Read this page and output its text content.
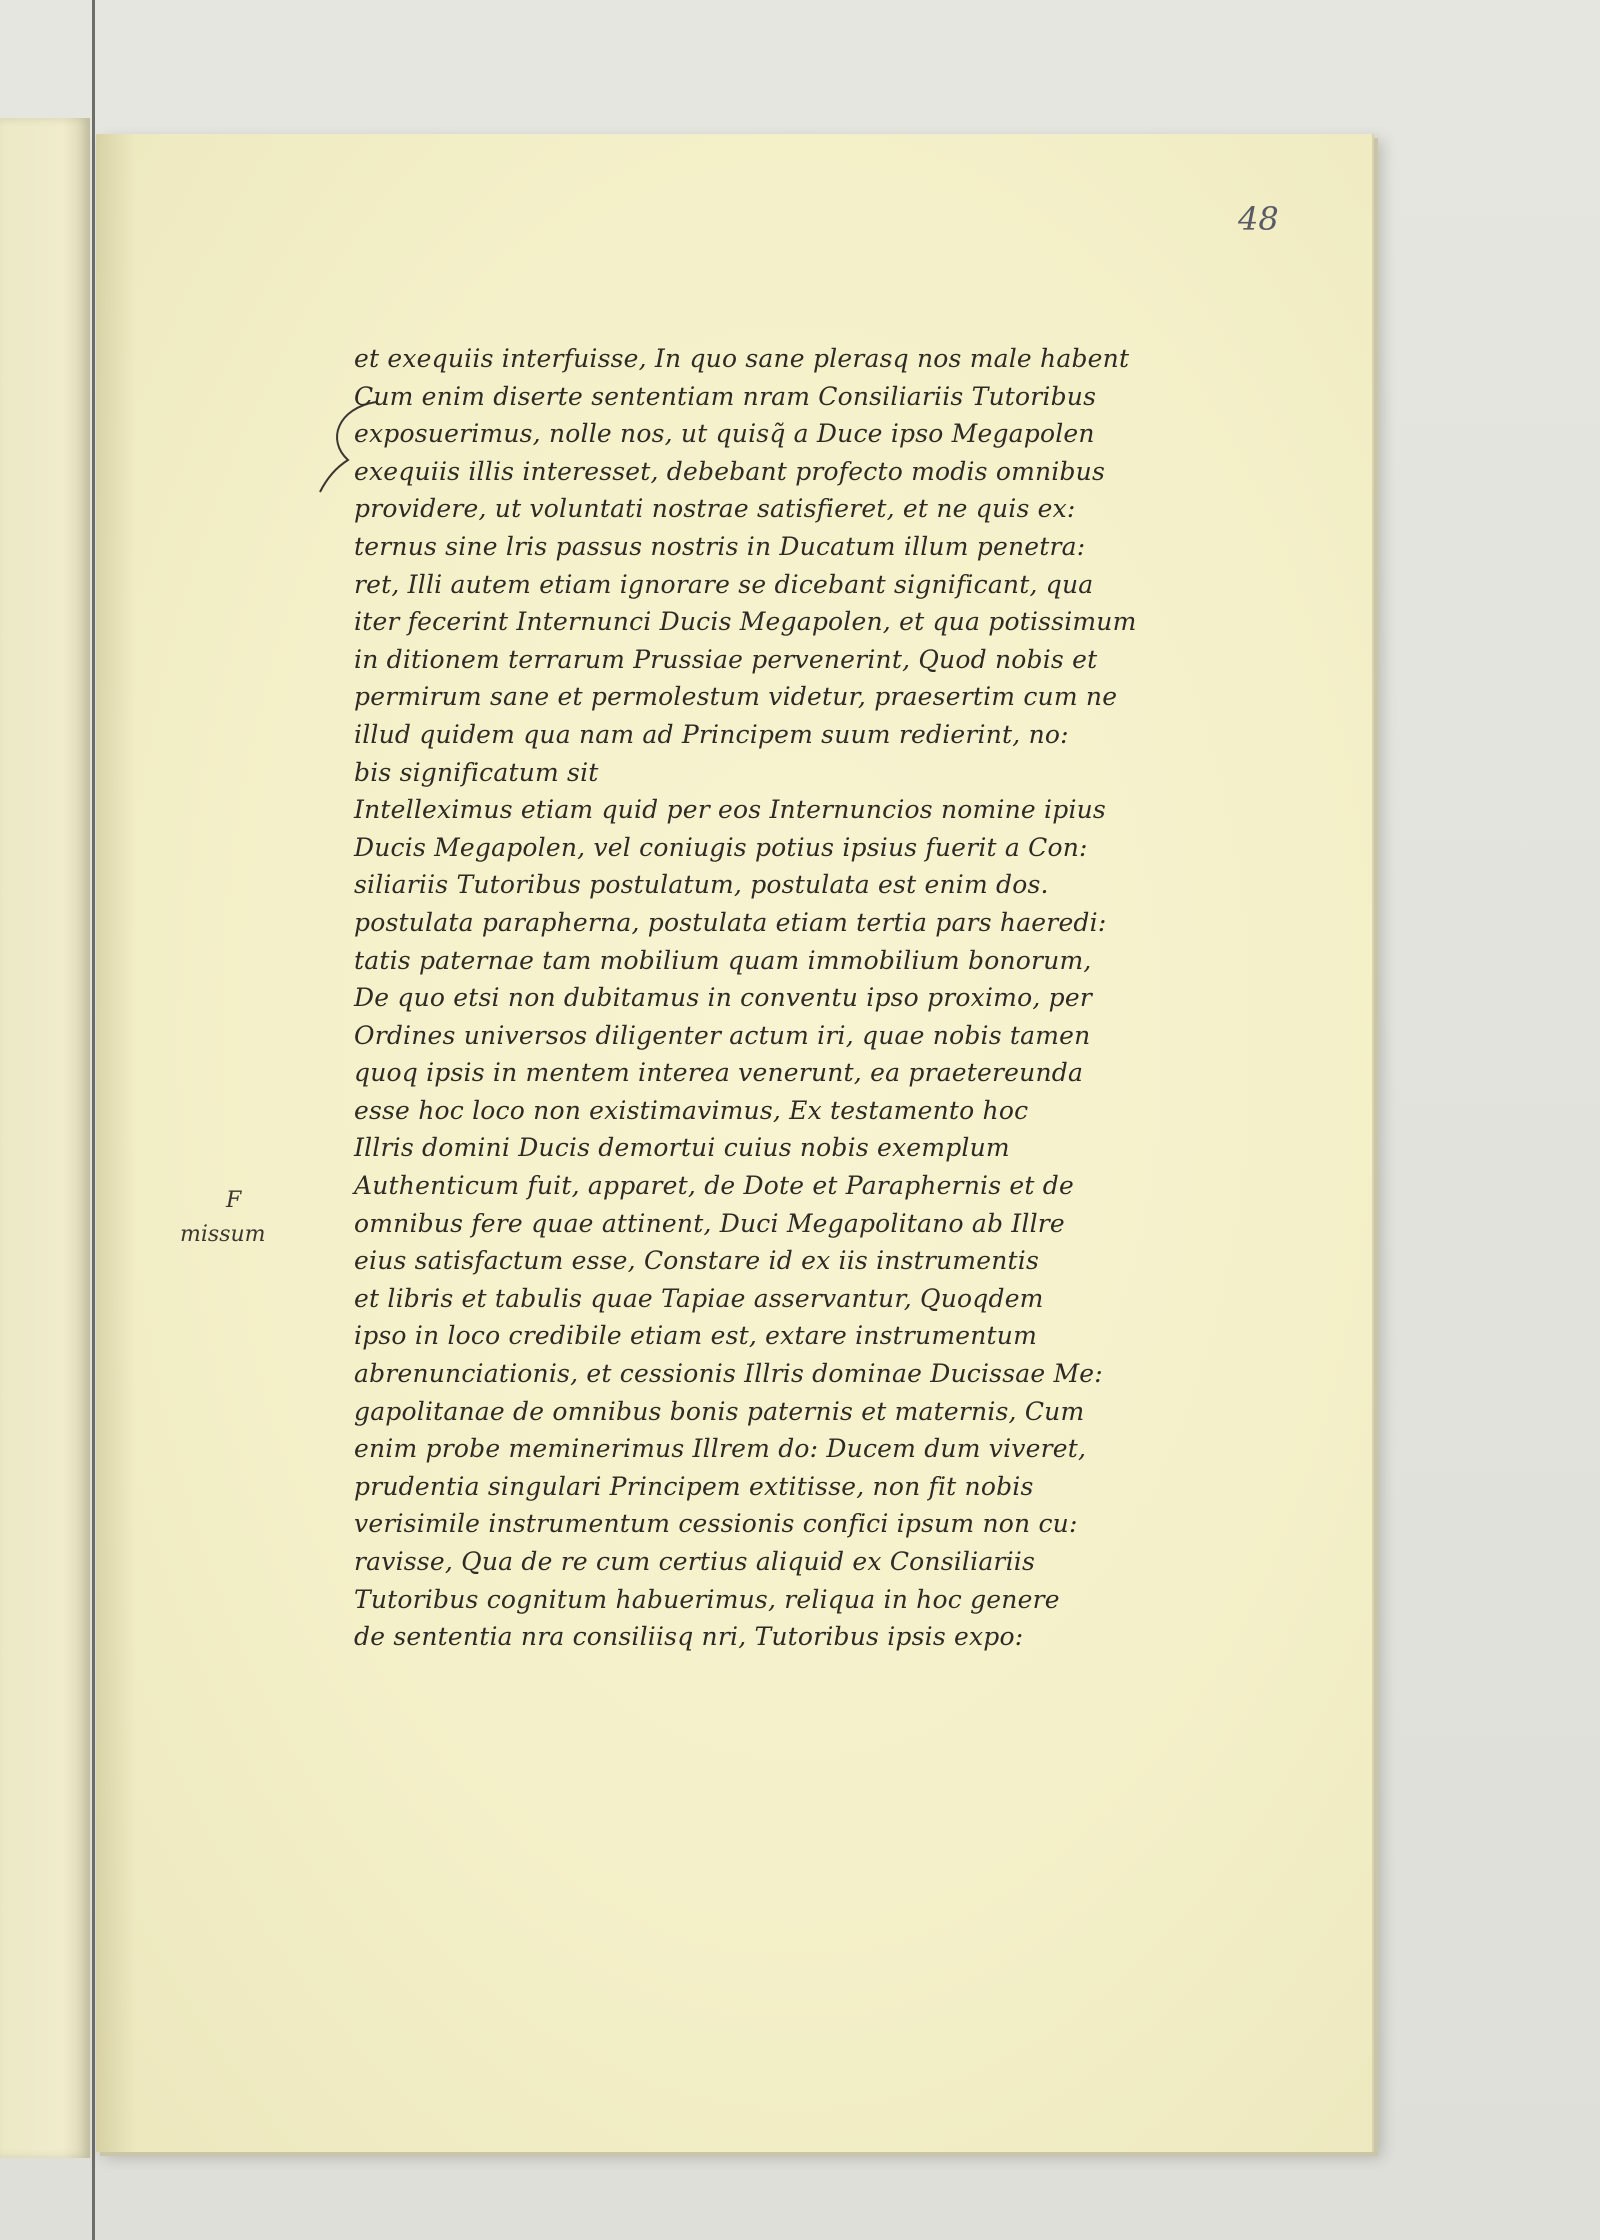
48
F
missum
et exequiis interfuisse, In quo sane plerasq nos male habent
Cum enim diserte sententiam nram Consiliariis Tutoribus
exposuerimus, nolle nos, ut quisq̃ a Duce ipso Megapolen
exequiis illis interesset, debebant profecto modis omnibus
providere, ut voluntati nostrae satisfieret, et ne quis ex:
ternus sine lris passus nostris in Ducatum illum penetra:
ret, Illi autem etiam ignorare se dicebant significant, qua
iter fecerint Internunci Ducis Megapolen, et qua potissimum
in ditionem terrarum Prussiae pervenerint, Quod nobis et
permirum sane et permolestum videtur, praesertim cum ne
illud quidem qua nam ad Principem suum redierint, no:
bis significatum sit
Intelleximus etiam quid per eos Internuncios nomine ipius
Ducis Megapolen, vel coniugis potius ipsius fuerit a Con:
siliariis Tutoribus postulatum, postulata est enim dos.
postulata parapherna, postulata etiam tertia pars haeredi:
tatis paternae tam mobilium quam immobilium bonorum,
De quo etsi non dubitamus in conventu ipso proximo, per
Ordines universos diligenter actum iri, quae nobis tamen
quoq ipsis in mentem interea venerunt, ea praetereunda
esse hoc loco non existimavimus, Ex testamento hoc
Illris domini Ducis demortui cuius nobis exemplum
Authenticum fuit, apparet, de Dote et Paraphernis et de
omnibus fere quae attinent, Duci Megapolitano ab Illre
eius satisfactum esse, Constare id ex iis instrumentis
et libris et tabulis quae Tapiae asservantur, Quoqdem
ipso in loco credibile etiam est, extare instrumentum
abrenunciationis, et cessionis Illris dominae Ducissae Me:
gapolitanae de omnibus bonis paternis et maternis, Cum
enim probe meminerimus Illrem do: Ducem dum viveret,
prudentia singulari Principem extitisse, non fit nobis
verisimile instrumentum cessionis confici ipsum non cu:
ravisse, Qua de re cum certius aliquid ex Consiliariis
Tutoribus cognitum habuerimus, reliqua in hoc genere
de sententia nra consiliisq nri, Tutoribus ipsis expo:
